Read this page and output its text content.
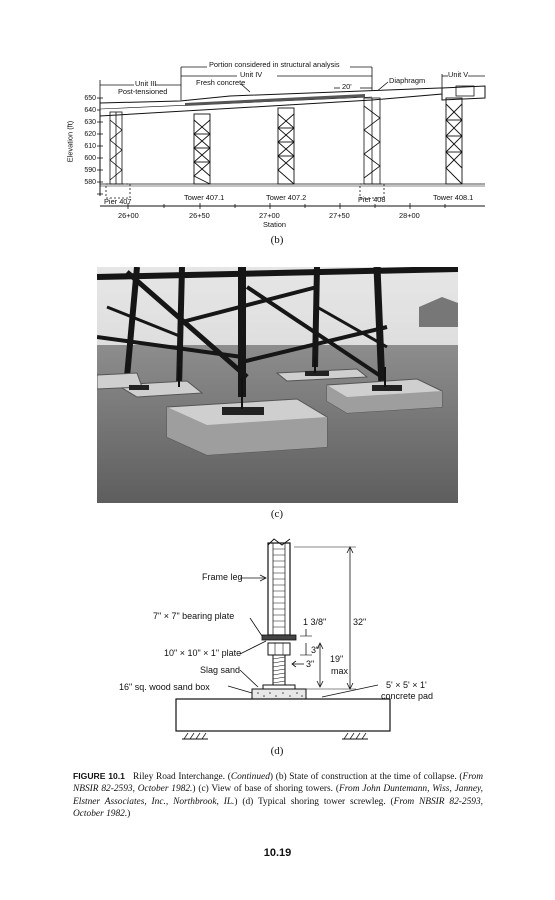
Portion considered in structural analysis
Unit IV
Unit III
Unit V
Post-tensioned
Fresh concrete	20'
Diaphragm
Elevation (ft)
650
640
630
620
610
600
590
580
Pier 407	Tower 407.1	Tower 407.2	Pier 408	Tower 408.1
26+00	26+50	27+00	27+50	28+00
Station
(b)
(c)
Frame leg
7" × 7" bearing plate
10" × 10" × 1" plate
Slag sand
16" sq. wood sand box
1 3/8"
3"
3" 19"
max
32"
5' × 5' × 1'
concrete pad
(d)
FIGURE 10.1 Riley Road Interchange. (Continued) (b) State of construction at the time of collapse. (From NBSIR 82-2593, October 1982.) (c) View of base of shoring towers. (From John Duntemann, Wiss, Janney, Elstner Associates, Inc., Northbrook, IL.) (d) Typical shoring tower screwleg. (From NBSIR 82-2593, October 1982.)
10.19
